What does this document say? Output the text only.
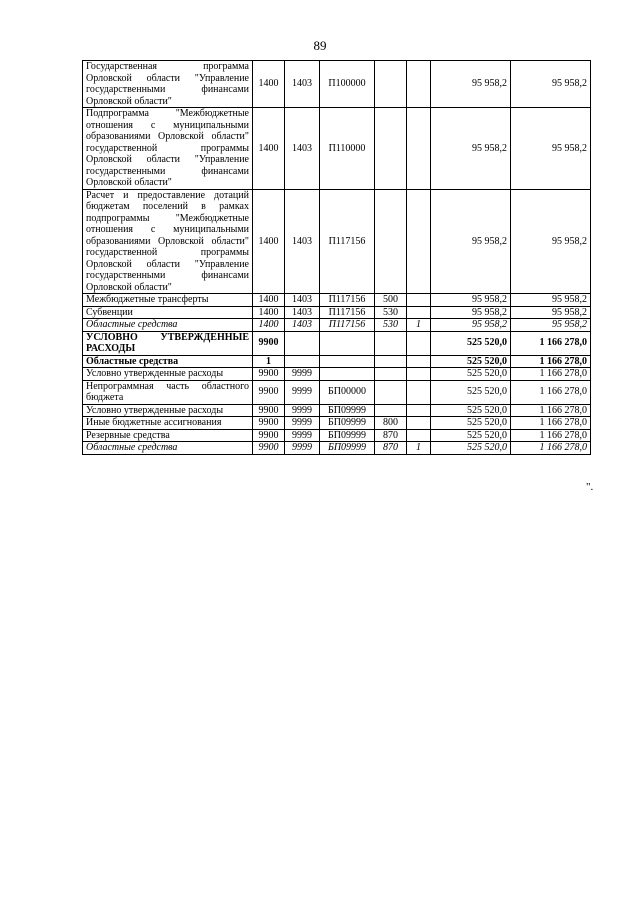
89
Государственная программа Орловской области "Управление государственными финансами Орловской области"	1400	1403	П100000			95 958,2	95 958,2
Подпрограмма "Межбюджетные отношения с муниципальными образованиями Орловской области" государственной программы Орловской области "Управление государственными финансами Орловской области"	1400	1403	П110000			95 958,2	95 958,2
Расчет и предоставление дотаций бюджетам поселений в рамках подпрограммы "Межбюджетные отношения с муниципальными образованиями Орловской области" государственной программы Орловской области "Управление государственными финансами Орловской области"	1400	1403	П117156			95 958,2	95 958,2
Межбюджетные трансферты	1400	1403	П117156	500		95 958,2	95 958,2
Субвенции	1400	1403	П117156	530		95 958,2	95 958,2
Областные средства	1400	1403	П117156	530	1	95 958,2	95 958,2
УСЛОВНО УТВЕРЖДЕННЫЕ РАСХОДЫ	9900					525 520,0	1 166 278,0
Областные средства	1					525 520,0	1 166 278,0
Условно утвержденные расходы	9900	9999				525 520,0	1 166 278,0
Непрограммная часть областного бюджета	9900	9999	БП00000			525 520,0	1 166 278,0
Условно утвержденные расходы	9900	9999	БП09999			525 520,0	1 166 278,0
Иные бюджетные ассигнования	9900	9999	БП09999	800		525 520,0	1 166 278,0
Резервные средства	9900	9999	БП09999	870		525 520,0	1 166 278,0
Областные средства	9900	9999	БП09999	870	1	525 520,0	1 166 278,0
".
